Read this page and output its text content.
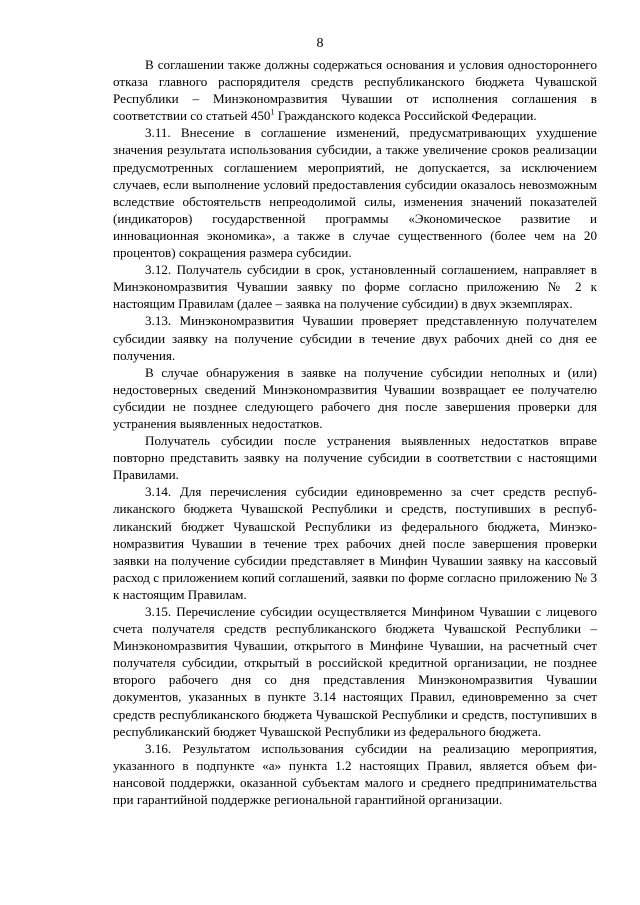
8

В соглашении также должны содержаться основания и условия одностороннего отказа главного распорядителя средств республиканского бюджета Чувашской Республики – Минэкономразвития Чувашии от исполнения соглашения в соответствии со статьей $450^1$ Гражданского кодекса Российской Федерации.

3.11. Внесение в соглашение изменений, предусматривающих ухудшение значения результата использования субсидии, а также увеличение сроков реализации предусмотренных соглашением мероприятий, не допускается, за исключением случаев, если выполнение условий предоставления субсидии оказалось невозможным вследствие обстоятельств непреодолимой силы, изменения значений показателей (индикаторов) государственной программы «Экономическое развитие и инновационная экономика», а также в случае существенного (более чем на 20 процентов) сокращения размера субсидии.

3.12. Получатель субсидии в срок, установленный соглашением, направляет в Минэкономразвития Чувашии заявку по форме согласно приложению № 2 к настоящим Правилам (далее – заявка на получение субсидии) в двух экземплярах.

3.13. Минэкономразвития Чувашии проверяет представленную получателем субсидии заявку на получение субсидии в течение двух рабочих дней со дня ее получения.

В случае обнаружения в заявке на получение субсидии неполных и (или) недостоверных сведений Минэкономразвития Чувашии возвращает ее получателю субсидии не позднее следующего рабочего дня после завершения проверки для устранения выявленных недостатков.

Получатель субсидии после устранения выявленных недостатков вправе повторно представить заявку на получение субсидии в соответствии с настоящими Правилами.

3.14. Для перечисления субсидии единовременно за счет средств республиканского бюджета Чувашской Республики и средств, поступивших в республиканский бюджет Чувашской Республики из федерального бюджета, Минэкономразвития Чувашии в течение трех рабочих дней после завершения проверки заявки на получение субсидии представляет в Минфин Чувашии заявку на кассовый расход с приложением копий соглашений, заявки по форме согласно приложению № 3 к настоящим Правилам.

3.15. Перечисление субсидии осуществляется Минфином Чувашии с лицевого счета получателя средств республиканского бюджета Чувашской Республики – Минэкономразвития Чувашии, открытого в Минфине Чувашии, на расчетный счет получателя субсидии, открытый в российской кредитной организации, не позднее второго рабочего дня со дня представления Минэкономразвития Чувашии документов, указанных в пункте 3.14 настоящих Правил, единовременно за счет средств республиканского бюджета Чувашской Республики и средств, поступивших в республиканский бюджет Чувашской Республики из федерального бюджета.

3.16. Результатом использования субсидии на реализацию мероприятия, указанного в подпункте «а» пункта 1.2 настоящих Правил, является объем финансовой поддержки, оказанной субъектам малого и среднего предпринимательства при гарантийной поддержке региональной гарантийной организации.
